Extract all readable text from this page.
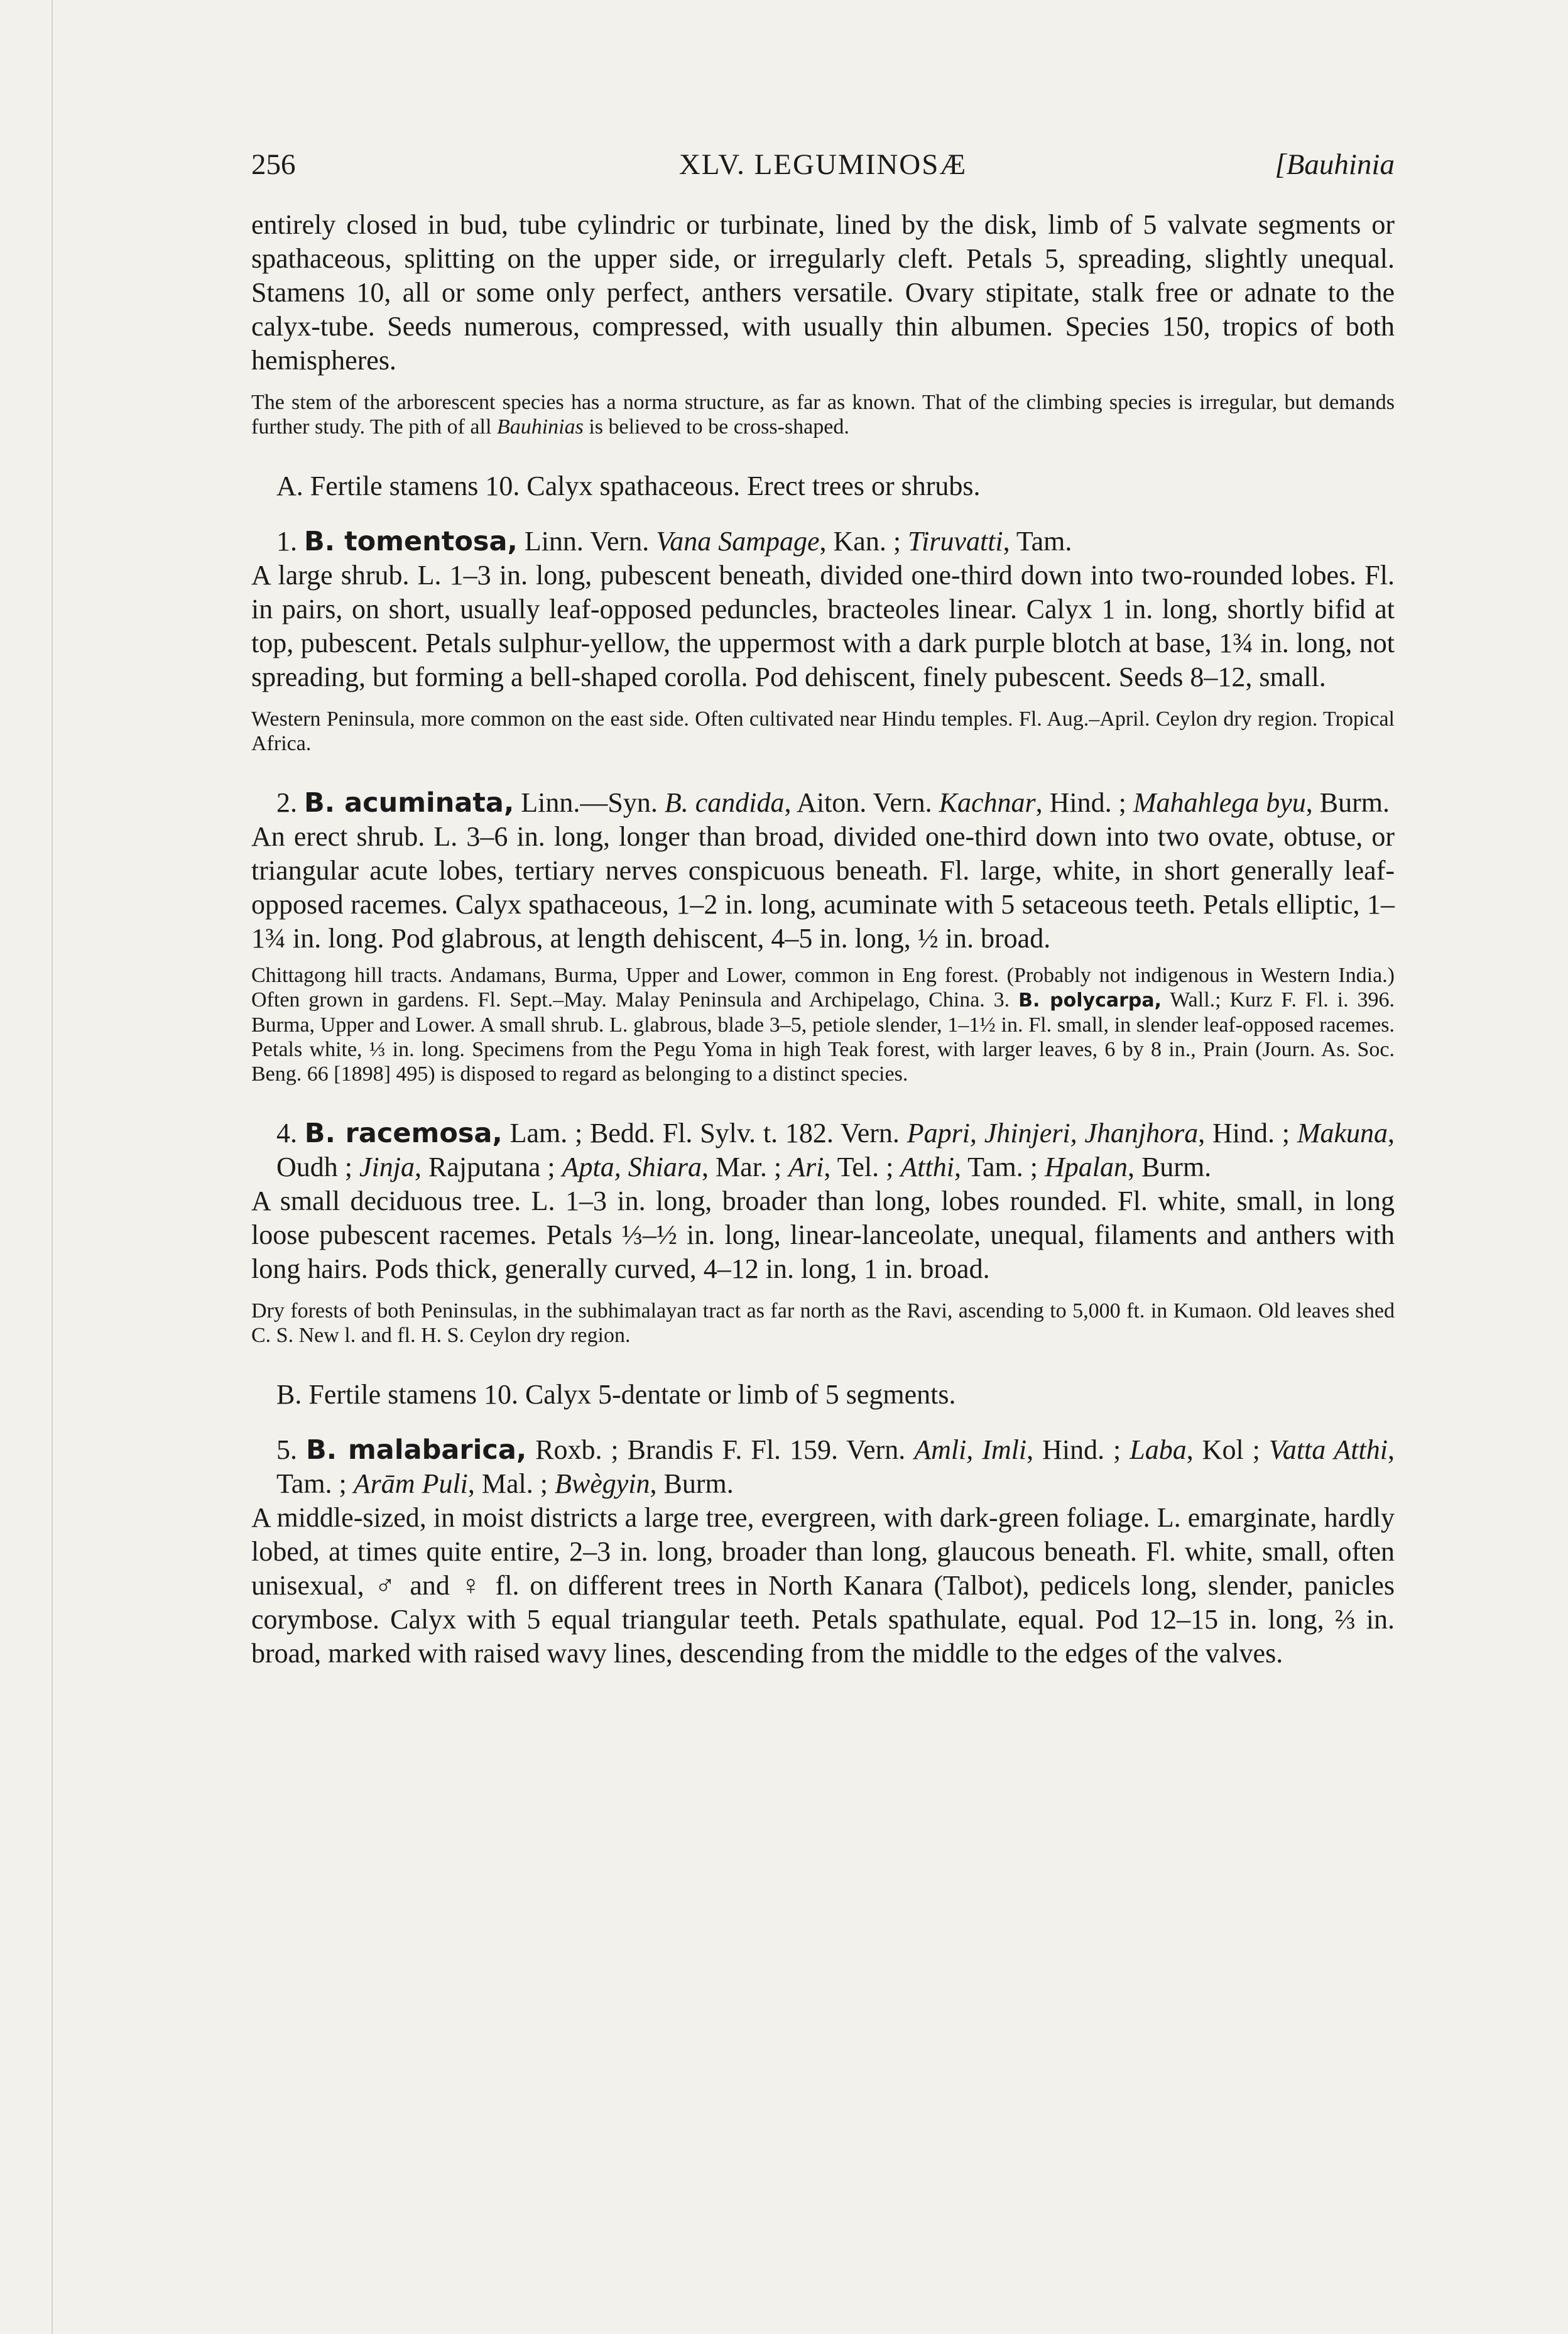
256	XLV. LEGUMINOSÆ	[Bauhinia

entirely closed in bud, tube cylindric or turbinate, lined by the disk, limb of 5 valvate segments or spathaceous, splitting on the upper side, or irregularly cleft. Petals 5, spreading, slightly unequal. Stamens 10, all or some only perfect, anthers versatile. Ovary stipitate, stalk free or adnate to the calyx-tube. Seeds numerous, compressed, with usually thin albumen. Species 150, tropics of both hemispheres.

The stem of the arborescent species has a norma structure, as far as known. That of the climbing species is irregular, but demands further study. The pith of all Bauhinias is believed to be cross-shaped.

A. Fertile stamens 10. Calyx spathaceous. Erect trees or shrubs.

1. B. tomentosa, Linn. Vern. Vana Sampage, Kan. ; Tiruvatti, Tam.

A large shrub. L. 1–3 in. long, pubescent beneath, divided one-third down into two-rounded lobes. Fl. in pairs, on short, usually leaf-opposed peduncles, bracteoles linear. Calyx 1 in. long, shortly bifid at top, pubescent. Petals sulphur-yellow, the uppermost with a dark purple blotch at base, 1¾ in. long, not spreading, but forming a bell-shaped corolla. Pod dehiscent, finely pubescent. Seeds 8–12, small.

Western Peninsula, more common on the east side. Often cultivated near Hindu temples. Fl. Aug.–April. Ceylon dry region. Tropical Africa.

2. B. acuminata, Linn.—Syn. B. candida, Aiton. Vern. Kachnar, Hind. ; Mahahlega byu, Burm.

An erect shrub. L. 3–6 in. long, longer than broad, divided one-third down into two ovate, obtuse, or triangular acute lobes, tertiary nerves conspicuous beneath. Fl. large, white, in short generally leaf-opposed racemes. Calyx spathaceous, 1–2 in. long, acuminate with 5 setaceous teeth. Petals elliptic, 1–1¾ in. long. Pod glabrous, at length dehiscent, 4–5 in. long, ½ in. broad.

Chittagong hill tracts. Andamans, Burma, Upper and Lower, common in Eng forest. (Probably not indigenous in Western India.) Often grown in gardens. Fl. Sept.–May. Malay Peninsula and Archipelago, China. 3. B. polycarpa, Wall.; Kurz F. Fl. i. 396. Burma, Upper and Lower. A small shrub. L. glabrous, blade 3–5, petiole slender, 1–1½ in. Fl. small, in slender leaf-opposed racemes. Petals white, ⅓ in. long. Specimens from the Pegu Yoma in high Teak forest, with larger leaves, 6 by 8 in., Prain (Journ. As. Soc. Beng. 66 [1898] 495) is disposed to regard as belonging to a distinct species.

4. B. racemosa, Lam. ; Bedd. Fl. Sylv. t. 182. Vern. Papri, Jhinjeri, Jhanjhora, Hind. ; Makuna, Oudh ; Jinja, Rajputana ; Apta, Shiara, Mar. ; Ari, Tel. ; Atthi, Tam. ; Hpalan, Burm.

A small deciduous tree. L. 1–3 in. long, broader than long, lobes rounded. Fl. white, small, in long loose pubescent racemes. Petals ⅓–½ in. long, linear-lanceolate, unequal, filaments and anthers with long hairs. Pods thick, generally curved, 4–12 in. long, 1 in. broad.

Dry forests of both Peninsulas, in the subhimalayan tract as far north as the Ravi, ascending to 5,000 ft. in Kumaon. Old leaves shed C. S. New l. and fl. H. S. Ceylon dry region.

B. Fertile stamens 10. Calyx 5-dentate or limb of 5 segments.

5. B. malabarica, Roxb. ; Brandis F. Fl. 159. Vern. Amli, Imli, Hind. ; Laba, Kol ; Vatta Atthi, Tam. ; Arām Puli, Mal. ; Bwègyin, Burm.

A middle-sized, in moist districts a large tree, evergreen, with dark-green foliage. L. emarginate, hardly lobed, at times quite entire, 2–3 in. long, broader than long, glaucous beneath. Fl. white, small, often unisexual, ♂ and ♀ fl. on different trees in North Kanara (Talbot), pedicels long, slender, panicles corymbose. Calyx with 5 equal triangular teeth. Petals spathulate, equal. Pod 12–15 in. long, ⅔ in. broad, marked with raised wavy lines, descending from the middle to the edges of the valves.
